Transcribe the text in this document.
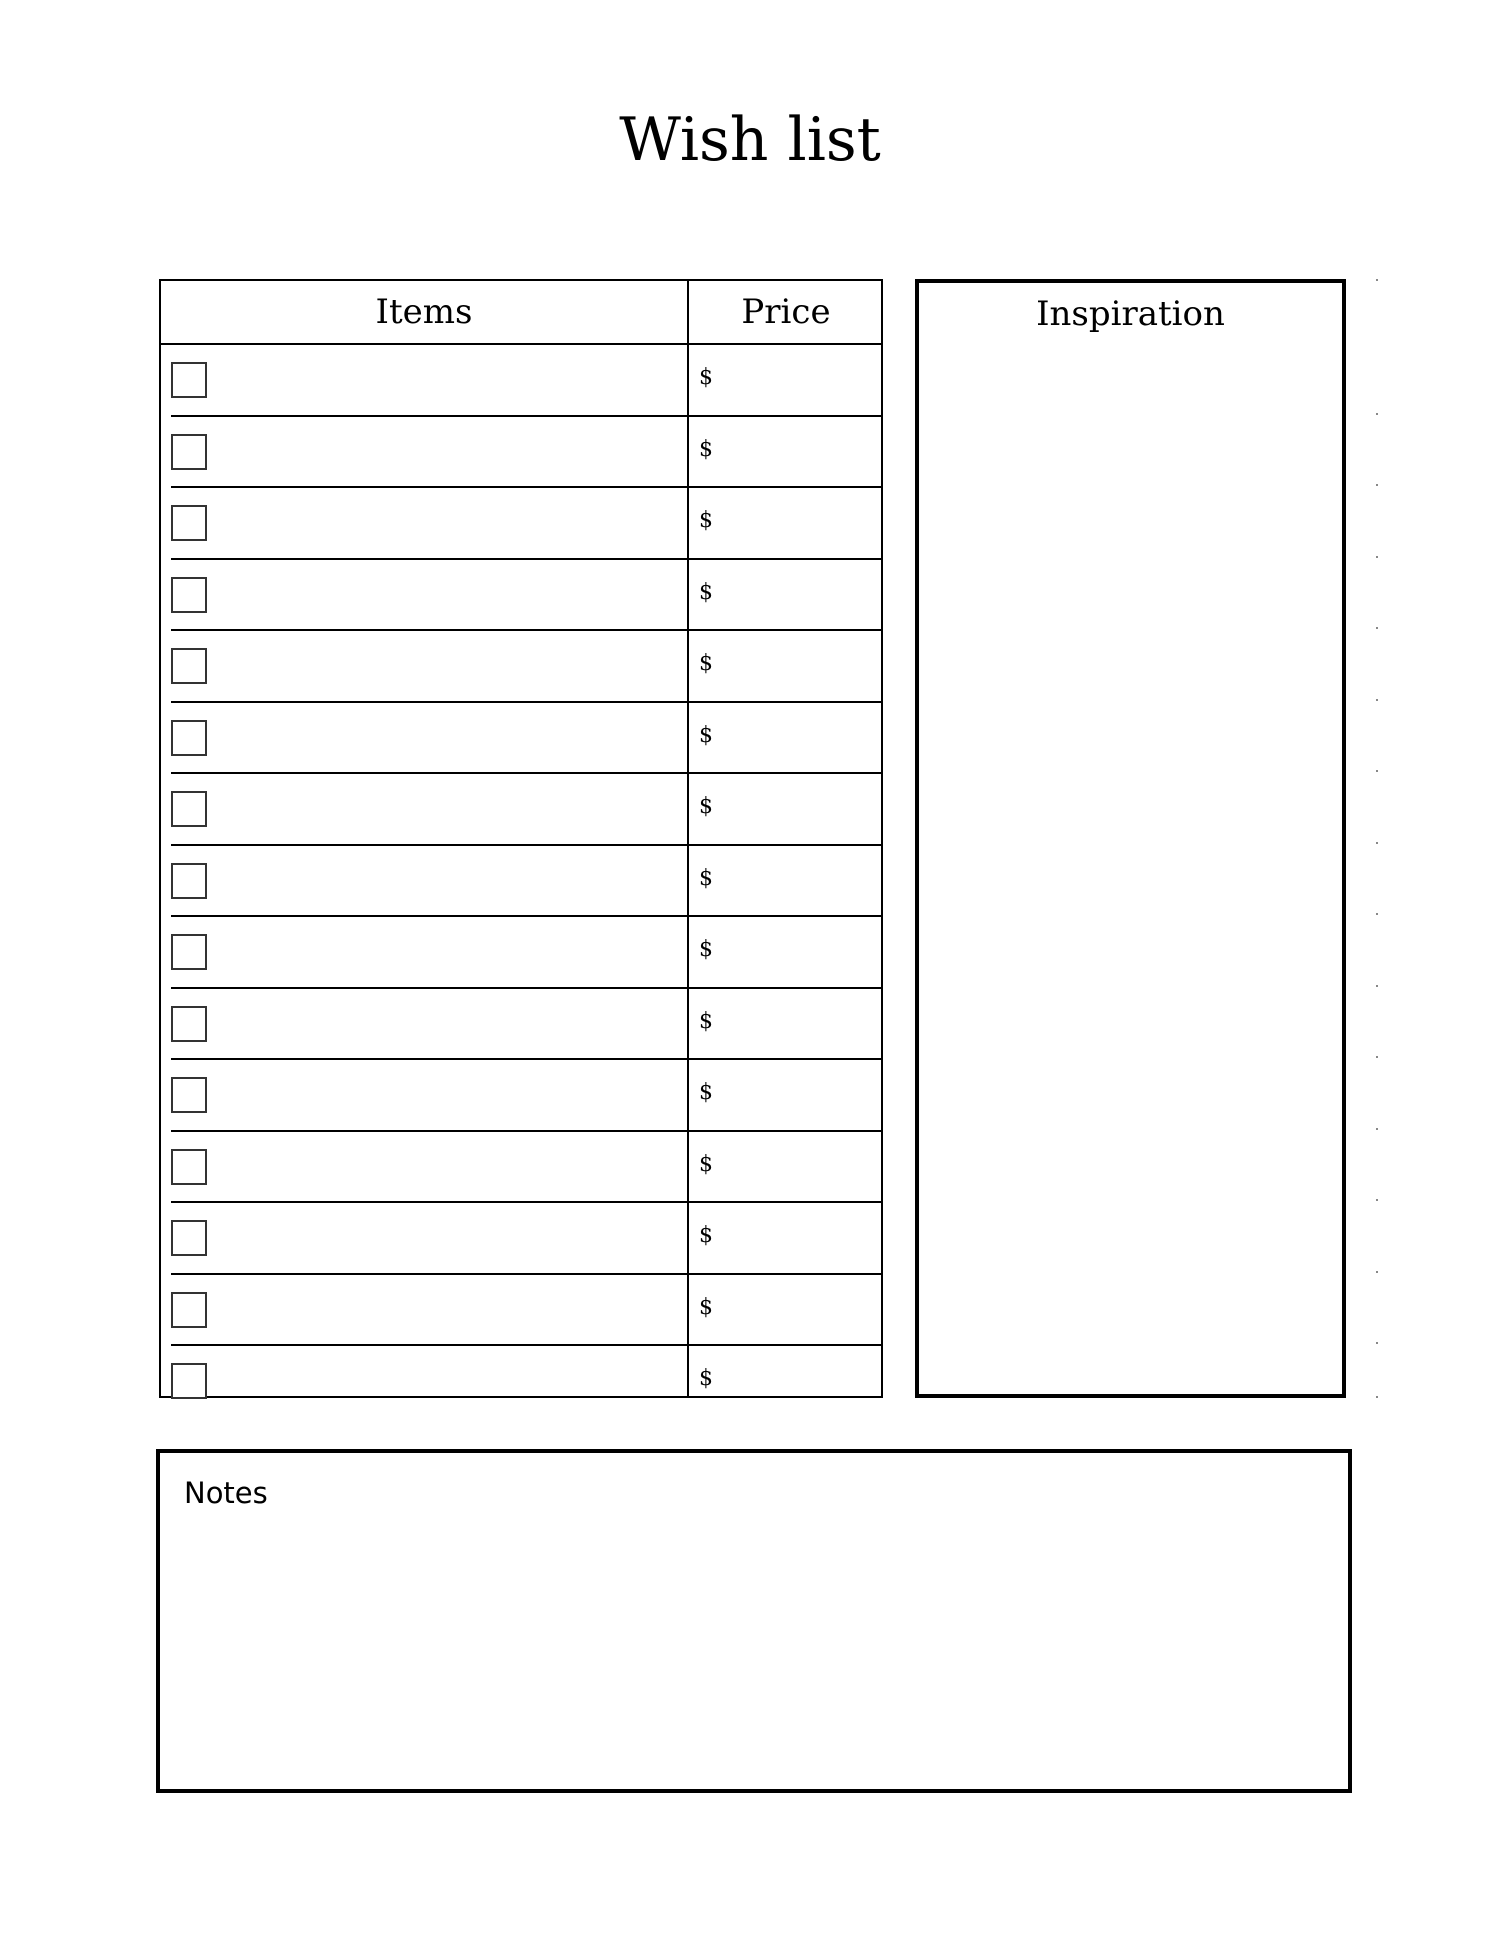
Wish list
Items	Price
$
$
$
$
$
$
$
$
$
$
$
$
$
$
$
Inspiration
Notes
